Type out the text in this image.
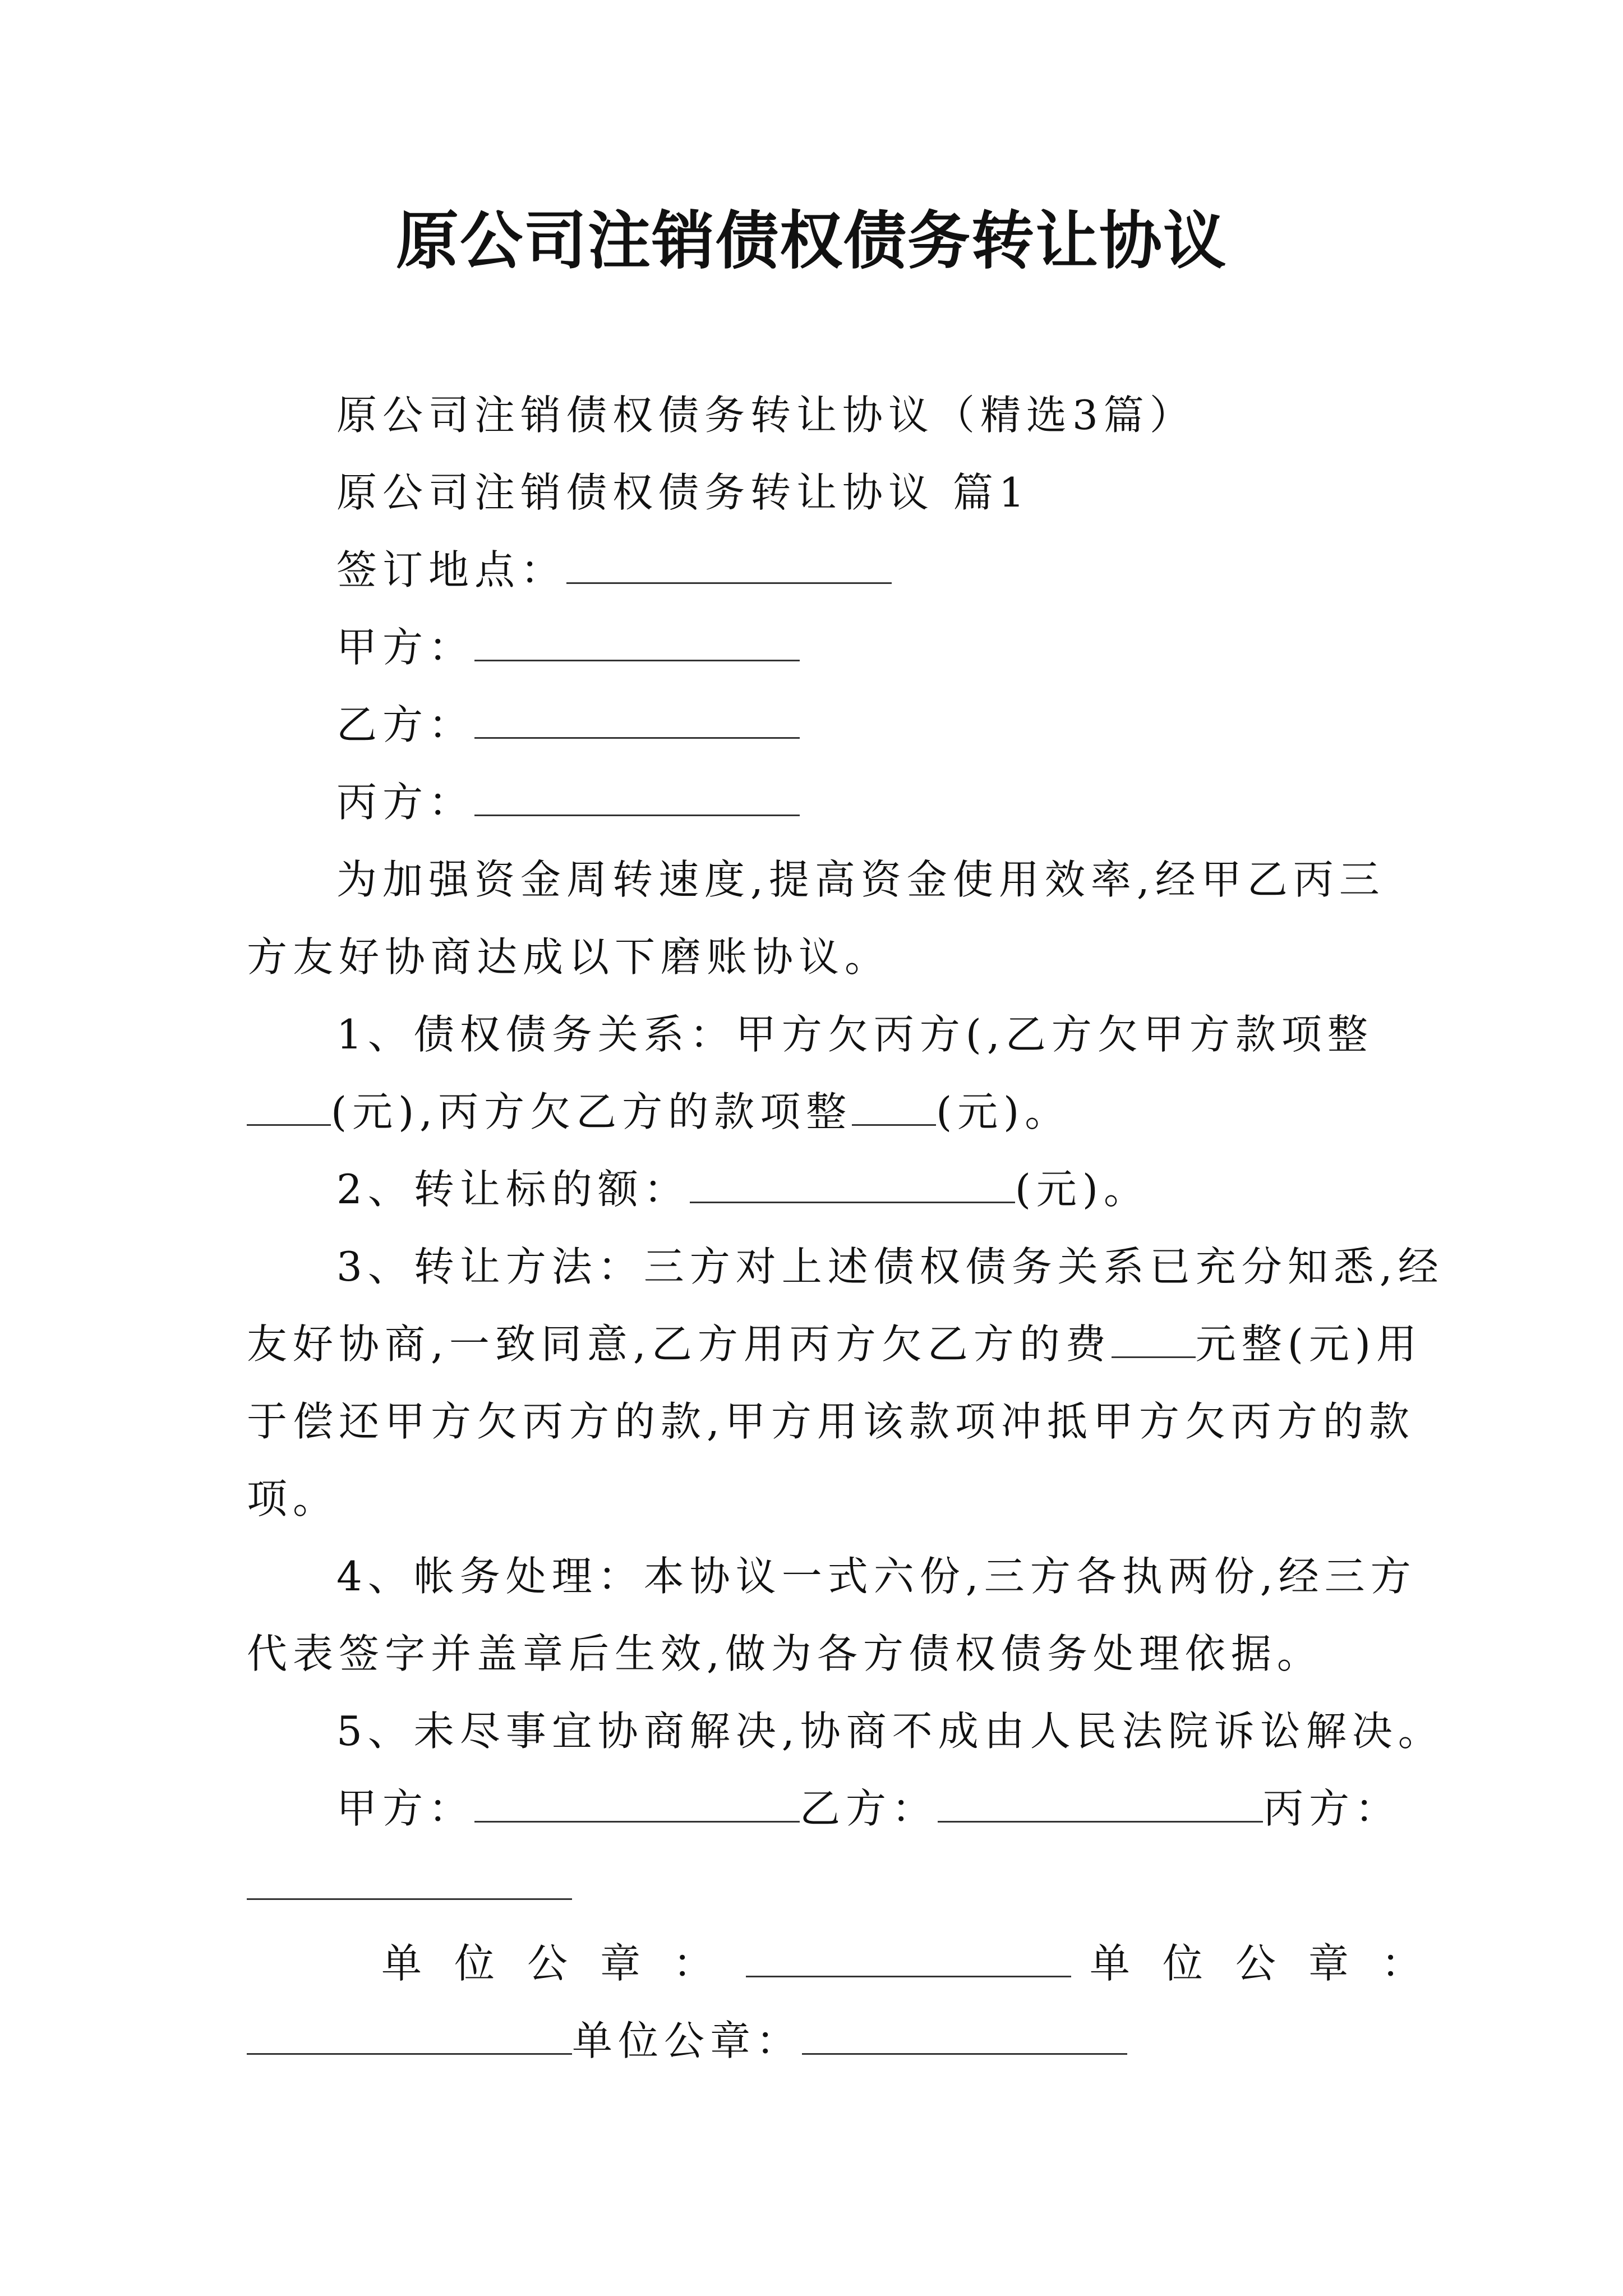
原公司注销债权债务转让协议
原公司注销债权债务转让协议（精选3篇）
原公司注销债权债务转让协议 篇1
签订地点：
甲方：
乙方：
丙方：
为加强资金周转速度,提高资金使用效率,经甲乙丙三
方友好协商达成以下磨账协议。
1、债权债务关系：甲方欠丙方(,乙方欠甲方款项整
(元),丙方欠乙方的款项整 (元)。
2、转让标的额：	(元)。
3、转让方法：三方对上述债权债务关系已充分知悉,经
友好协商,一致同意,乙方用丙方欠乙方的费 元整(元)用
于偿还甲方欠丙方的款,甲方用该款项冲抵甲方欠丙方的款
项。
4、帐务处理：本协议一式六份,三方各执两份,经三方
代表签字并盖章后生效,做为各方债权债务处理依据。
5、未尽事宜协商解决,协商不成由人民法院诉讼解决。
甲方：	乙方：	丙方：
单位公章：	单位公章：
单位公章：
